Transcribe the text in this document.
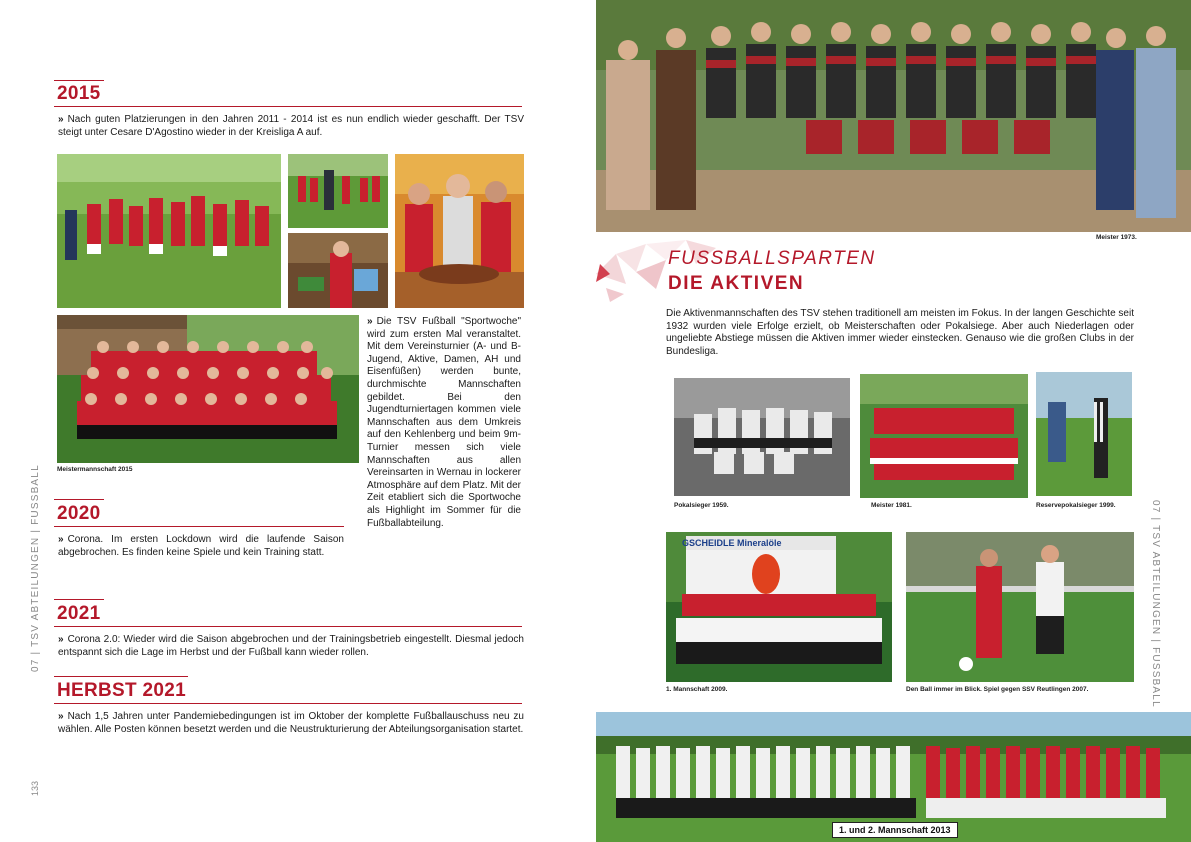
2015
» Nach guten Platzierungen in den Jahren 2011 - 2014 ist es nun endlich wieder geschafft. Der TSV steigt unter Cesare D'Agostino wieder in der Kreisliga A auf.
Meistermannschaft 2015
» Die TSV Fußball "Sportwoche" wird zum ersten Mal veranstaltet. Mit dem Vereinsturnier (A- und B-Jugend, Aktive, Damen, AH und Eisenfüßen) werden bunte, durchmischte Mannschaften gebildet. Bei den Jugendturniertagen kommen viele Mannschaften aus dem Umkreis auf den Kehlenberg und beim 9m-Turnier messen sich viele Mannschaften aus allen Vereinsarten in Wernau in lockerer Atmosphäre auf dem Platz. Mit der Zeit etabliert sich die Sportwoche als Highlight im Sommer für die Fußballabteilung.
2020
» Corona. Im ersten Lockdown wird die laufende Saison abgebrochen. Es finden keine Spiele und kein Training statt.
2021
» Corona 2.0: Wieder wird die Saison abgebrochen und der Trainingsbetrieb eingestellt. Diesmal jedoch entspannt sich die Lage im Herbst und der Fußball kann wieder rollen.
HERBST 2021
» Nach 1,5 Jahren unter Pandemiebedingungen ist im Oktober der komplette Fußballauschuss neu zu wählen. Alle Posten können besetzt werden und die Neustrukturierung der Abteilungsorganisation startet.
07 | TSV ABTEILUNGEN | FUSSBALL
133
Meister 1973.
FUSSBALLSPARTEN
DIE AKTIVEN
Die Aktivenmannschaften des TSV stehen traditionell am meisten im Fokus. In der langen Geschichte seit 1932 wurden viele Erfolge erzielt, ob Meisterschaften oder Pokalsiege. Aber auch Niederlagen oder ungeliebte Abstiege müssen die Aktiven immer wieder einstecken. Genauso wie die großen Clubs in der Bundesliga.
Pokalsieger 1959.	Meister 1981.	Reservepokalsieger 1999.
GSCHEIDLE Mineralöle
1. Mannschaft 2009.	Den Ball immer im Blick. Spiel gegen SSV Reutlingen 2007.
1. und 2. Mannschaft 2013
07 | TSV ABTEILUNGEN | FUSSBALL
